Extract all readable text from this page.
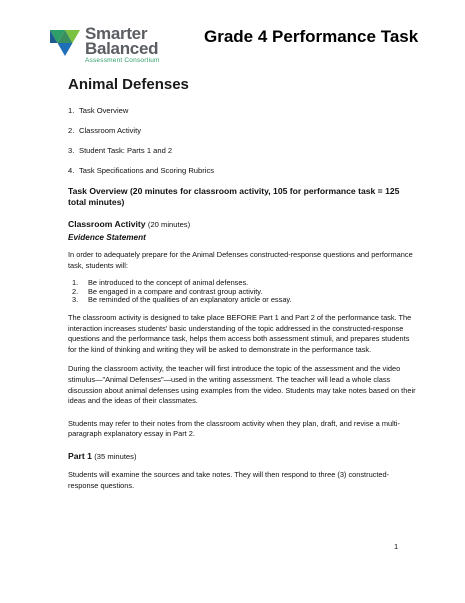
Smarter
Balanced
Assessment Consortium
Grade 4 Performance Task
Animal Defenses
1. Task Overview
2. Classroom Activity
3. Student Task: Parts 1 and 2
4. Task Specifications and Scoring Rubrics
Task Overview (20 minutes for classroom activity, 105 for performance task = 125 total minutes)
Classroom Activity (20 minutes)
Evidence Statement

In order to adequately prepare for the Animal Defenses constructed-response questions and performance task, students will:

1. Be introduced to the concept of animal defenses.
2. Be engaged in a compare and contrast group activity.
3. Be reminded of the qualities of an explanatory article or essay.

The classroom activity is designed to take place BEFORE Part 1 and Part 2 of the performance task. The interaction increases students' basic understanding of the topic addressed in the constructed-response questions and the performance task, helps them access both assessment stimuli, and prepares students for the kind of thinking and writing they will be asked to demonstrate in the performance task.

During the classroom activity, the teacher will first introduce the topic of the assessment and the video stimulus—"Animal Defenses"—used in the writing assessment. The teacher will lead a whole class discussion about animal defenses using examples from the video. Students may take notes based on their ideas and the ideas of their classmates.

Students may refer to their notes from the classroom activity when they plan, draft, and revise a multi-paragraph explanatory essay in Part 2.

Part 1 (35 minutes)

Students will examine the sources and take notes. They will then respond to three (3) constructed-response questions.

1
